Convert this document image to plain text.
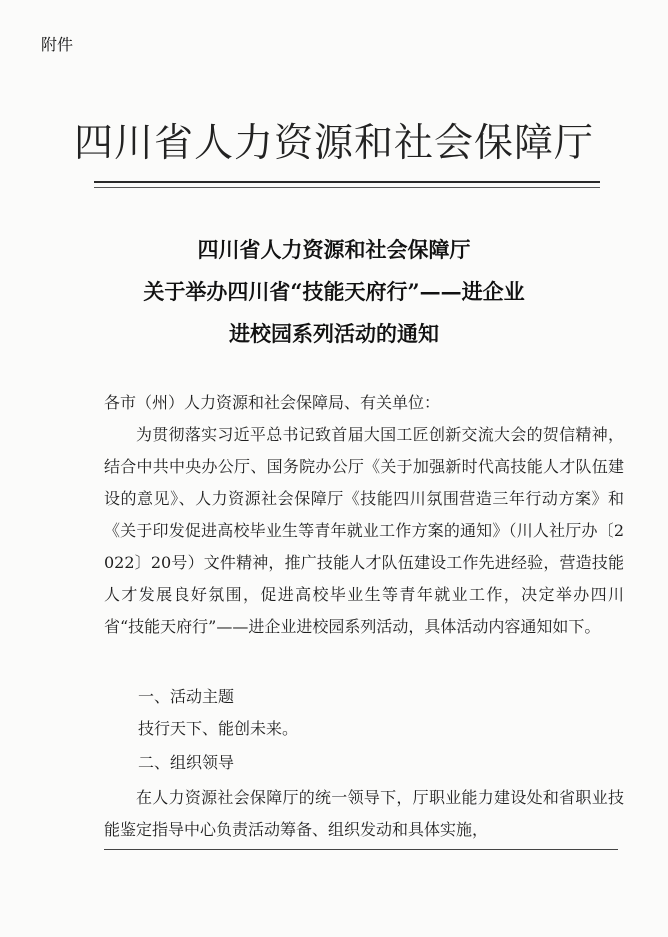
附件
四川省人力资源和社会保障厅
四川省人力资源和社会保障厅
关于举办四川省“技能天府行”——进企业
进校园系列活动的通知
各市（州）人力资源和社会保障局、有关单位：
为贯彻落实习近平总书记致首届大国工匠创新交流大会的贺信精神，结合中共中央办公厅、国务院办公厅《关于加强新时代高技能人才队伍建设的意见》、人力资源社会保障厅《技能四川氛围营造三年行动方案》和《关于印发促进高校毕业生等青年就业工作方案的通知》（川人社厅办〔2022〕20号）文件精神，推广技能人才队伍建设工作先进经验，营造技能人才发展良好氛围，促进高校毕业生等青年就业工作，决定举办四川省“技能天府行”——进企业进校园系列活动，具体活动内容通知如下。
一、活动主题
技行天下、能创未来。
二、组织领导
在人力资源社会保障厅的统一领导下，厅职业能力建设处和省职业技能鉴定指导中心负责活动筹备、组织发动和具体实施，
